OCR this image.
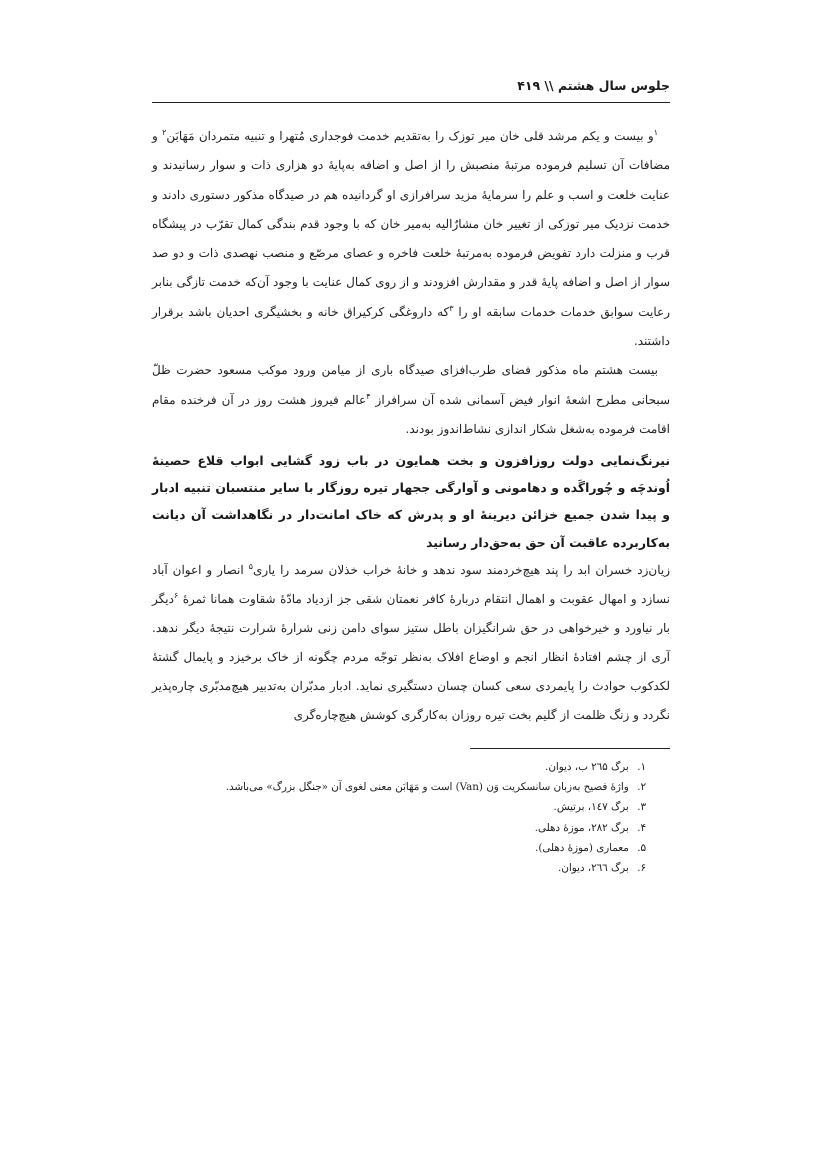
جلوس سال هشتم \\ ۴۱۹

$^۱$و بیست و یکم مرشد قلی خان میر توزک را به‌تقدیم خدمت فوجداری مُتهرا و تنبیه متمردان مَهَابَن$^۲$ و مضافات آن تسلیم فرموده مرتبهٔ منصبش را از اصل و اضافه به‌پایهٔ دو هزاری ذات و سوار رسانیدند و عنایت خلعت و اسب و علم را سرمایهٔ مزید سرافرازی او گردانیده هم در صیدگاه مذکور دستوری دادند و خدمت نزدیک میر توزکی از تغییر خان مشارٌالیه به‌میر خان که با وجود قدم بندگی کمال تقرّب در پیشگاه قرب و منزلت دارد تفویض فرموده به‌مرتبهٔ خلعت فاخره و عصای مرصّع و منصب نهصدی ذات و دو صد سوار از اصل و اضافه پایهٔ قدر و مقدارش افزودند و از روی کمال عنایت با وجود آن‌که خدمت تازگی بنابر رعایت سوابق خدمات خدمات سابقه او را $^۳$که داروغگی کرکیراق خانه و بخشیگری احدیان باشد برقرار داشتند.

بیست هشتم ماه مذکور فضای طرب‌افزای صیدگاه باری از میامن ورود موکب مسعود حضرت ظلّ سبحانی مطرح اشعهٔ انوار فیض آسمانی شده آن سرافراز $^۴$عالم فیروز هشت روز در آن فرخنده مقام اقامت فرموده به‌شغل شکار اندازی نشاط‌اندوز بودند.

نیرنگ‌نمایی دولت روزافزون و بخت همایون در باب زود گشایی ابواب قلاع حصینهٔ اُوندچَه و چُوراگَده و دهامونی و آوارگی ججهار تیره روزگار با سایر منتسبان تنبیه ادبار و پیدا شدن جمیع خزائن دیرینهٔ او و پدرش که خاک امانت‌دار در نگاهداشت آن دیانت به‌کاربرده عاقبت آن حق به‌حق‌دار رسانید

زیان‌زد خسران ابد را پند هیچ‌خردمند سود ندهد و خانهٔ خراب خذلان سرمد را یاری$^۵$ انصار و اعوان آباد نسازد و امهال عقوبت و اهمال انتقام دربارهٔ کافر نعمتان شقی جز ازدیاد مادّهٔ شقاوت همانا ثمرهٔ $^۶$دیگر بار نیاورد و خیرخواهی در حق شرانگیزان باطل ستیز سوای دامن زنی شرارهٔ شرارت نتیجهٔ دیگر ندهد. آری از چشم افتادهٔ انظار انجم و اوضاع افلاک به‌نظر توجّه مردم چگونه از خاک برخیزد و پایمال گشتهٔ لکدکوب حوادث را پایمردی سعی کسان چسان دستگیری نماید. ادبار مدبّران به‌تدبیر هیچ‌مدبّری چاره‌پذیر نگردد و زنگ ظلمت از گلیم بخت تیره روزان به‌کارگری کوشش هیچ‌چاره‌گری

۱. برگ ۲٦۵ ب، دیوان.
۲. واژهٔ فصیح به‌زبان سانسکریت وَن (Van) است و مَهَابَن معنی لغوی آن «جنگل بزرگ» می‌باشد.
۳. برگ ۱٤۷، برتیش.
۴. برگ ۲۸۲، موزهٔ دهلی.
۵. معماری (موزهٔ دهلی).
۶. برگ ۲٦٦، دیوان.
